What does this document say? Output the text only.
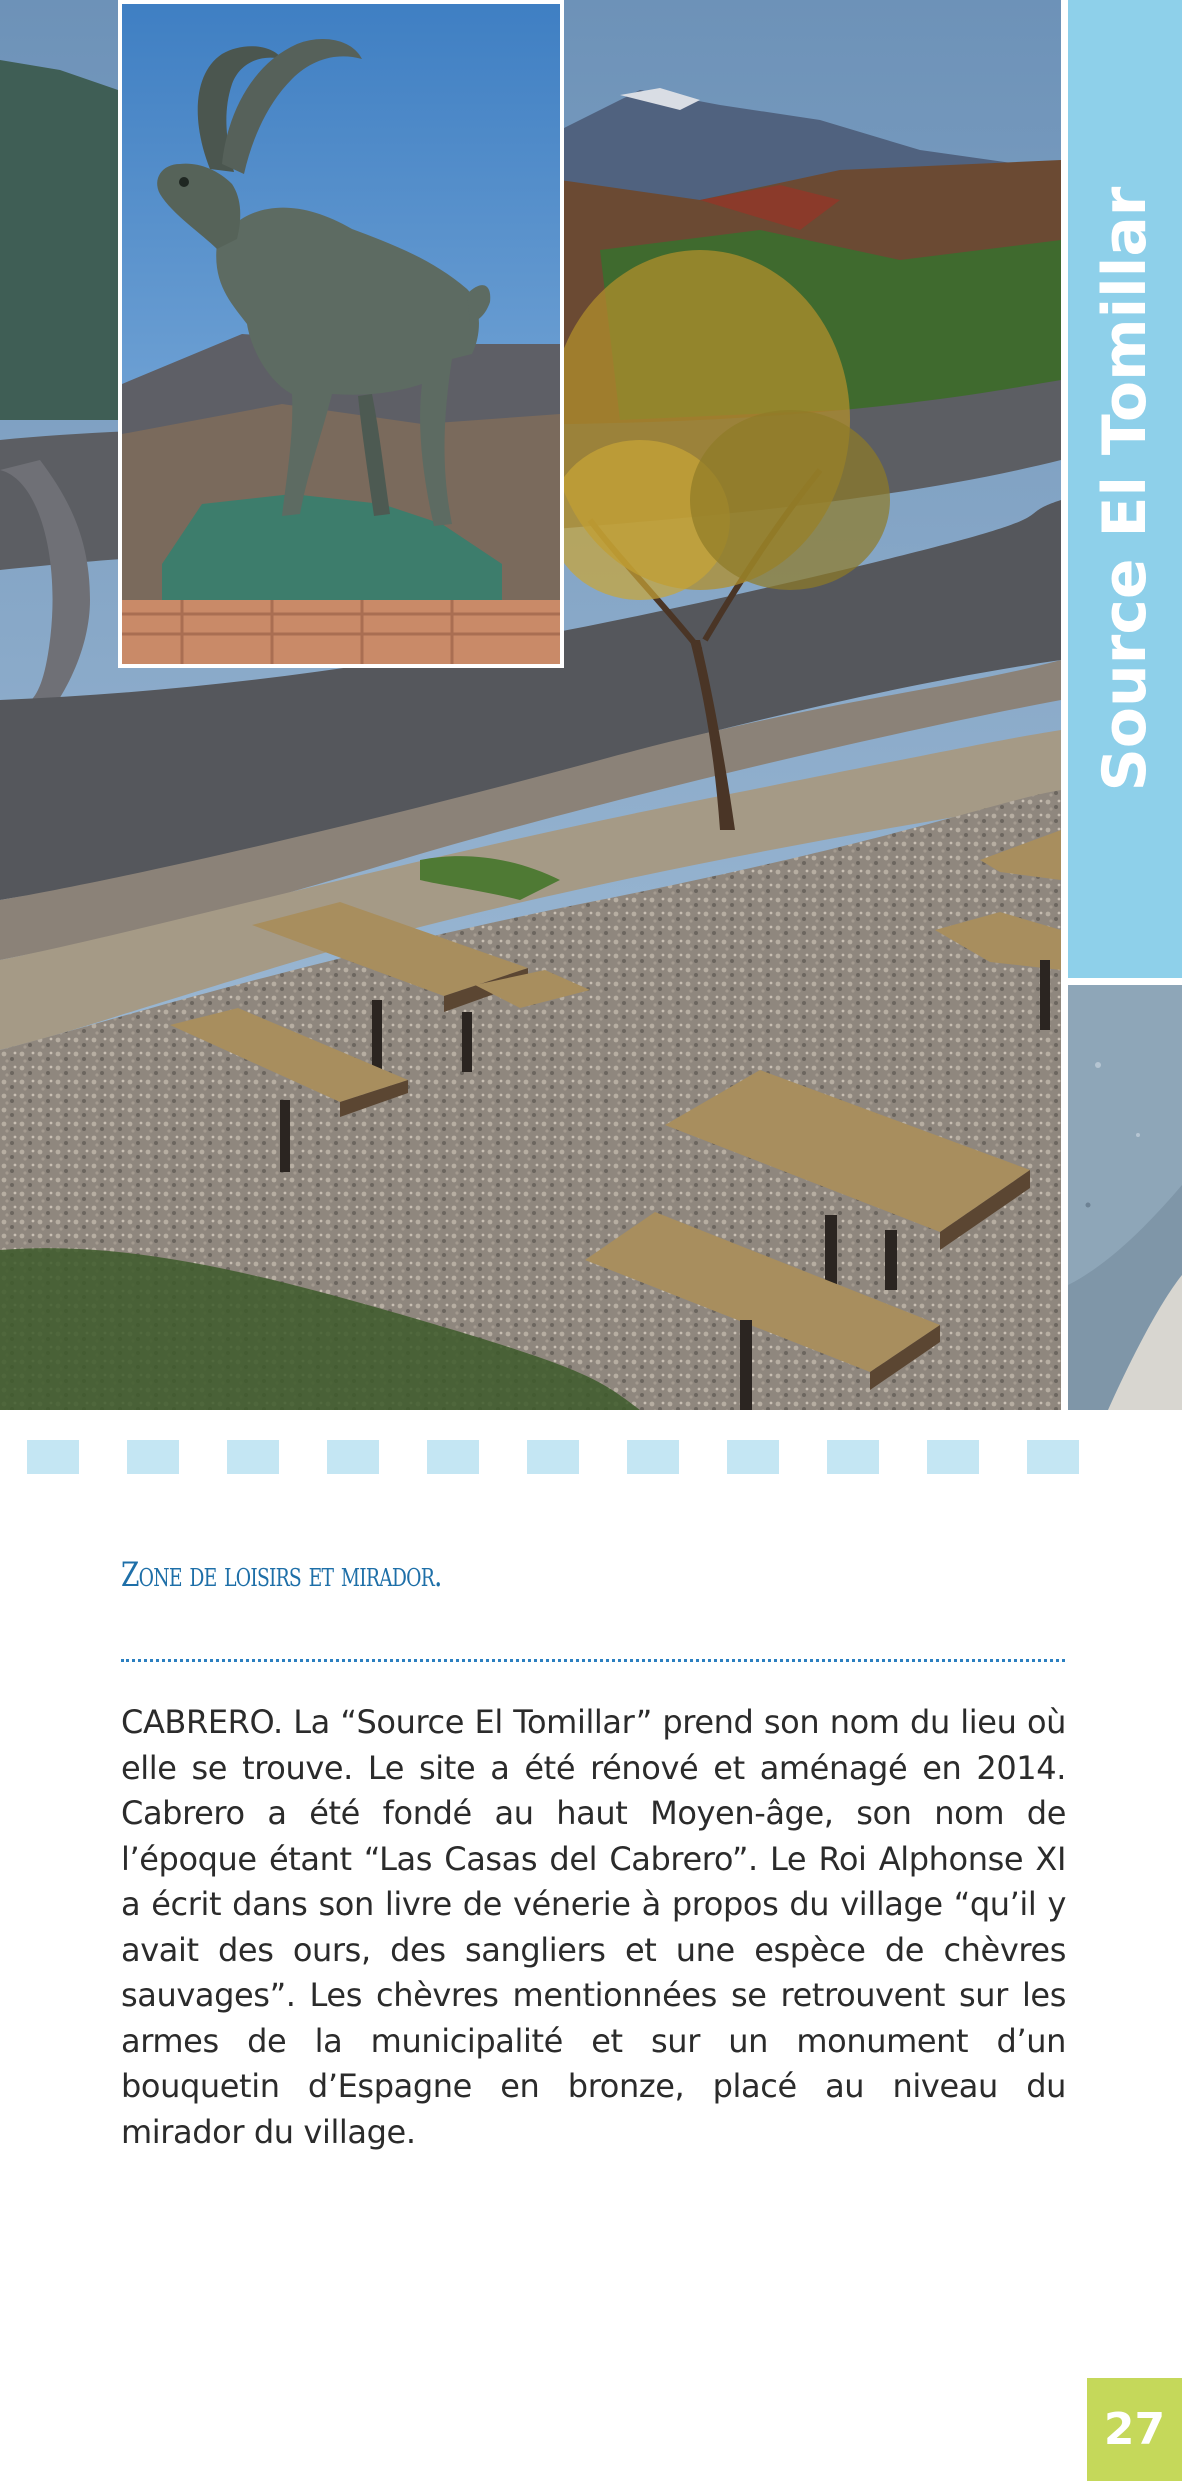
Source El Tomillar
Zone de loisirs et mirador.

CABRERO. La “Source El Tomillar” prend son nom du lieu où elle se trouve. Le site a été rénové et aménagé en 2014. Cabrero a été fondé au haut Moyen-âge, son nom de l’époque étant “Las Casas del Cabrero”. Le Roi Alphonse XI a écrit dans son livre de vénerie à propos du village “qu’il y avait des ours, des sangliers et une espèce de chèvres sauvages”. Les chèvres mentionnées se retrouvent sur les armes de la municipalité et sur un monument d’un bouquetin d’Espagne en bronze, placé au niveau du mirador du village.

27
